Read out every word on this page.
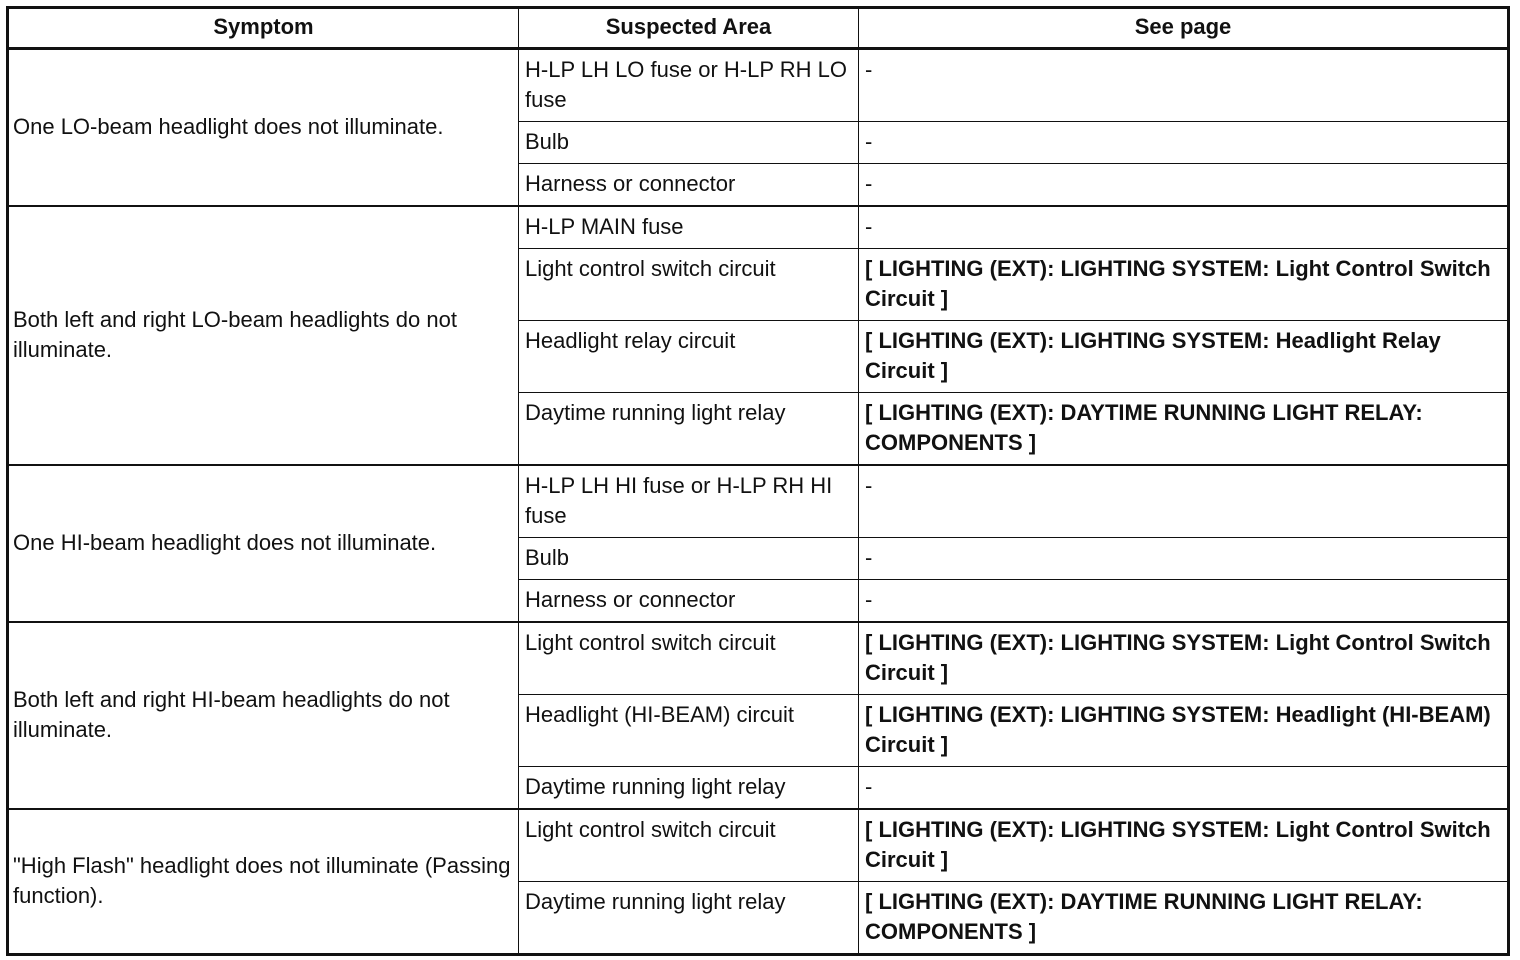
Symptom	Suspected Area	See page
One LO-beam headlight does not illuminate.	H-LP LH LO fuse or H-LP RH LO fuse	-
	Bulb	-
	Harness or connector	-
Both left and right LO-beam headlights do not illuminate.	H-LP MAIN fuse	-
	Light control switch circuit	[ LIGHTING (EXT): LIGHTING SYSTEM: Light Control Switch Circuit ]
	Headlight relay circuit	[ LIGHTING (EXT): LIGHTING SYSTEM: Headlight Relay Circuit ]
	Daytime running light relay	[ LIGHTING (EXT): DAYTIME RUNNING LIGHT RELAY: COMPONENTS ]
One HI-beam headlight does not illuminate.	H-LP LH HI fuse or H-LP RH HI fuse	-
	Bulb	-
	Harness or connector	-
Both left and right HI-beam headlights do not illuminate.	Light control switch circuit	[ LIGHTING (EXT): LIGHTING SYSTEM: Light Control Switch Circuit ]
	Headlight (HI-BEAM) circuit	[ LIGHTING (EXT): LIGHTING SYSTEM: Headlight (HI-BEAM) Circuit ]
	Daytime running light relay	-
"High Flash" headlight does not illuminate (Passing function).	Light control switch circuit	[ LIGHTING (EXT): LIGHTING SYSTEM: Light Control Switch Circuit ]
	Daytime running light relay	[ LIGHTING (EXT): DAYTIME RUNNING LIGHT RELAY: COMPONENTS ]
